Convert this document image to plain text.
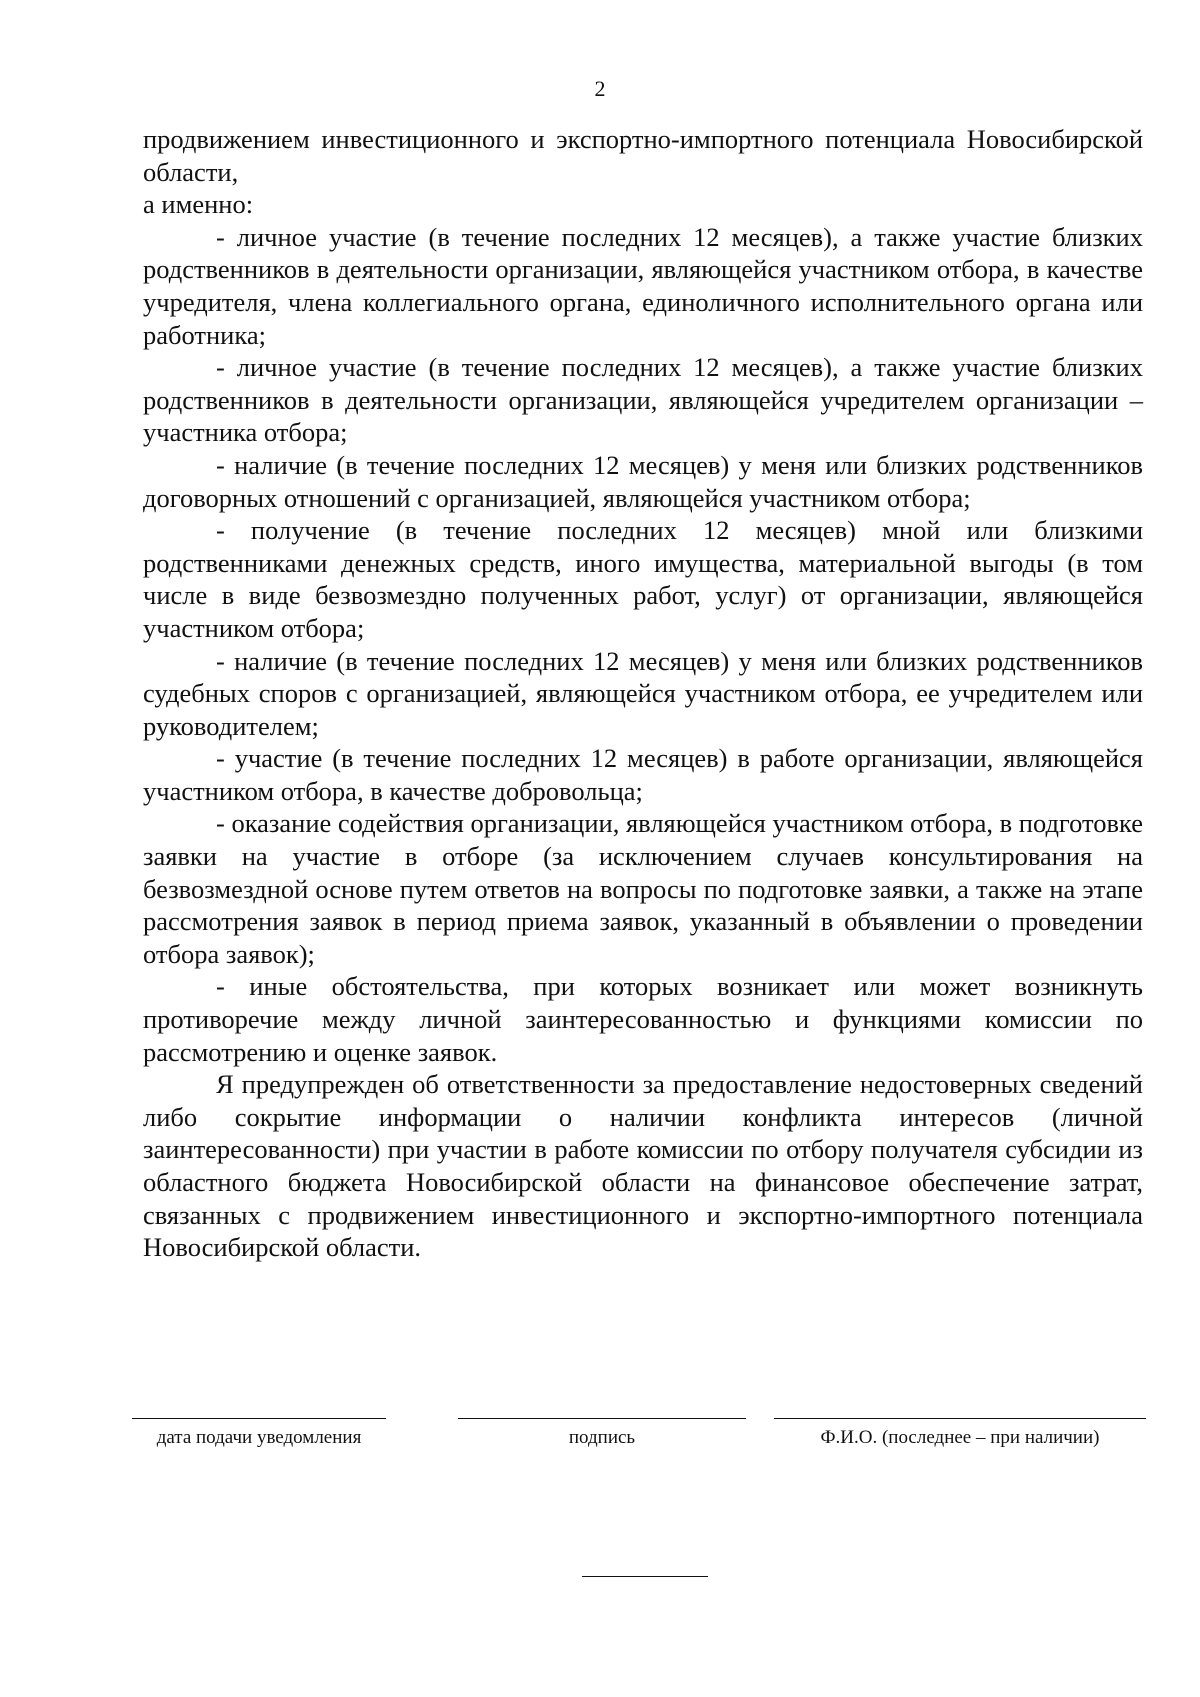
2

продвижением инвестиционного и экспортно-импортного потенциала Новосибирской области,

а именно:

- личное участие (в течение последних 12 месяцев), а также участие близких родственников в деятельности организации, являющейся участником отбора, в качестве учредителя, члена коллегиального органа, единоличного исполнительного органа или работника;

- личное участие (в течение последних 12 месяцев), а также участие близких родственников в деятельности организации, являющейся учредителем организации – участника отбора;

- наличие (в течение последних 12 месяцев) у меня или близких родственников договорных отношений с организацией, являющейся участником отбора;

- получение (в течение последних 12 месяцев) мной или близкими родственниками денежных средств, иного имущества, материальной выгоды (в том числе в виде безвозмездно полученных работ, услуг) от организации, являющейся участником отбора;

- наличие (в течение последних 12 месяцев) у меня или близких родственников судебных споров с организацией, являющейся участником отбора, ее учредителем или руководителем;

- участие (в течение последних 12 месяцев) в работе организации, являющейся участником отбора, в качестве добровольца;

- оказание содействия организации, являющейся участником отбора, в подготовке заявки на участие в отборе (за исключением случаев консультирования на безвозмездной основе путем ответов на вопросы по подготовке заявки, а также на этапе рассмотрения заявок в период приема заявок, указанный в объявлении о проведении отбора заявок);

- иные обстоятельства, при которых возникает или может возникнуть противоречие между личной заинтересованностью и функциями комиссии по рассмотрению и оценке заявок.

Я предупрежден об ответственности за предоставление недостоверных сведений либо сокрытие информации о наличии конфликта интересов (личной заинтересованности) при участии в работе комиссии по отбору получателя субсидии из областного бюджета Новосибирской области на финансовое обеспечение затрат, связанных с продвижением инвестиционного и экспортно-импортного потенциала Новосибирской области.

дата подачи уведомления	подпись	Ф.И.О. (последнее – при наличии)
